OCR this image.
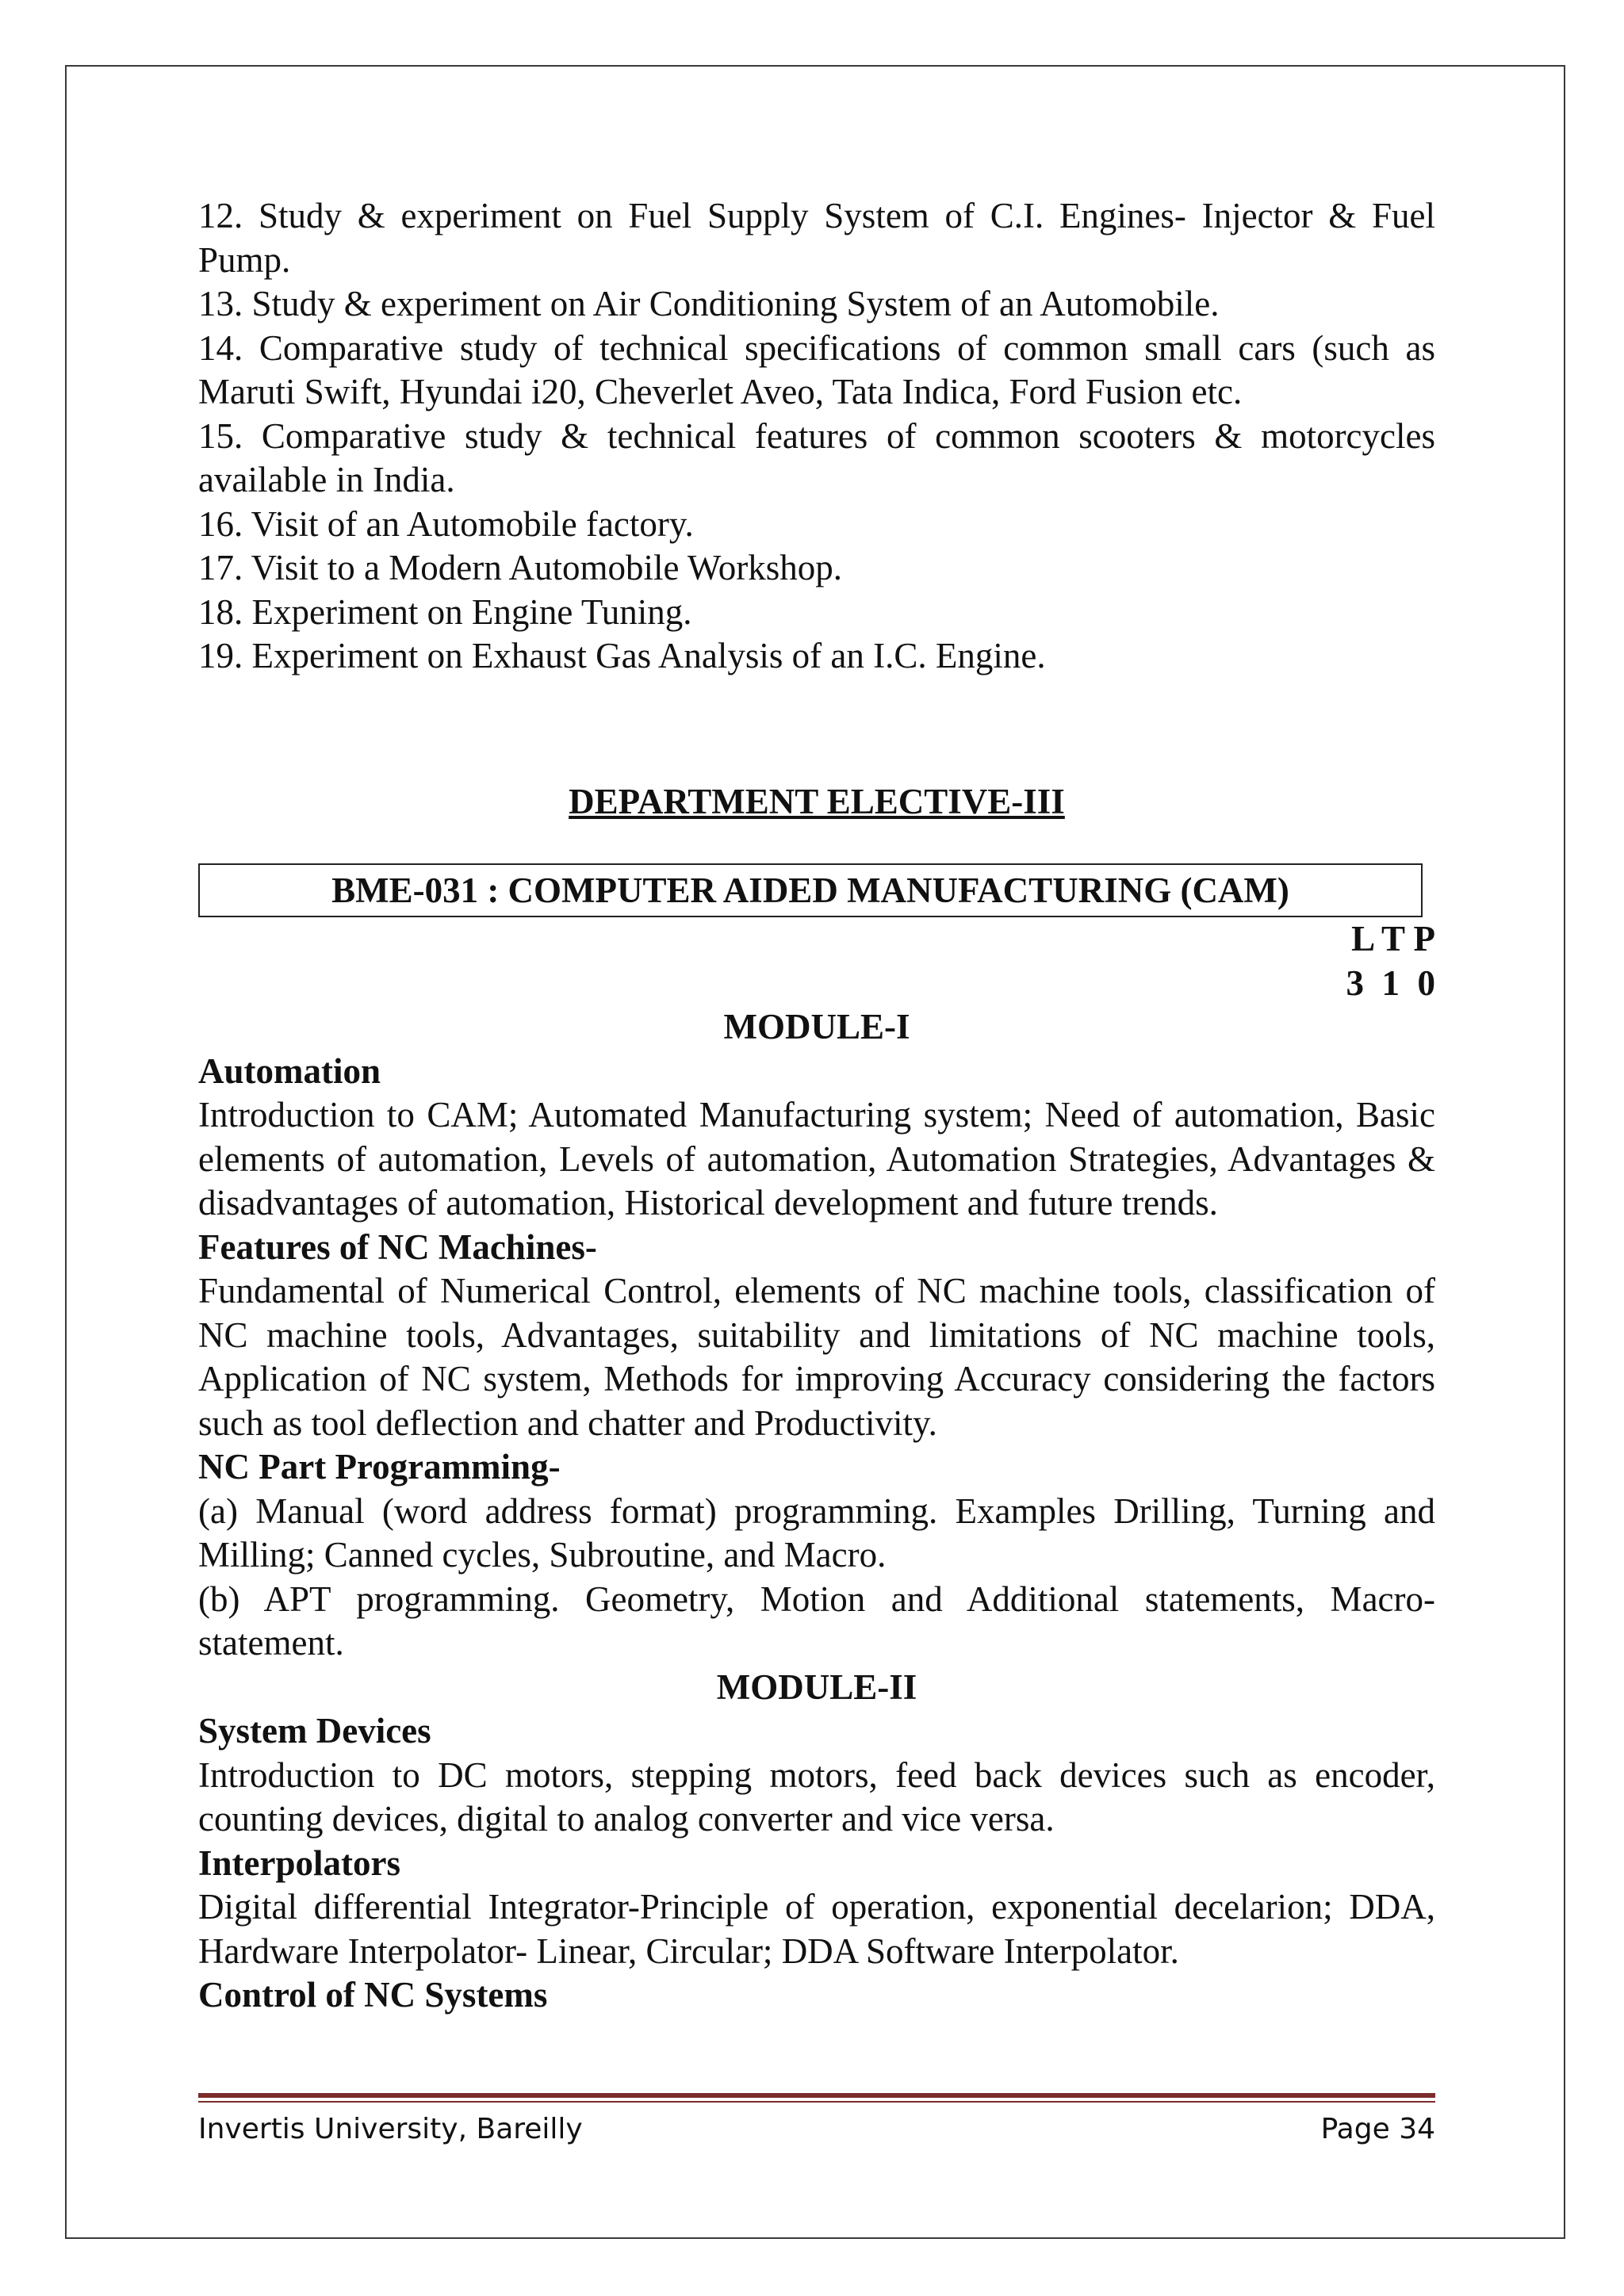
12. Study & experiment on Fuel Supply System of C.I. Engines- Injector & Fuel Pump.

13. Study & experiment on Air Conditioning System of an Automobile.

14. Comparative study of technical specifications of common small cars (such as Maruti Swift, Hyundai i20, Cheverlet Aveo, Tata Indica, Ford Fusion etc.

15. Comparative study & technical features of common scooters & motorcycles available in India.

16. Visit of an Automobile factory.

17. Visit to a Modern Automobile Workshop.

18. Experiment on Engine Tuning.

19. Experiment on Exhaust Gas Analysis of an I.C. Engine.

DEPARTMENT ELECTIVE-III

BME-031 : COMPUTER AIDED MANUFACTURING (CAM)

L T P

3  1  0

MODULE-I

Automation

Introduction to CAM; Automated Manufacturing system; Need of automation, Basic elements of automation, Levels of automation, Automation Strategies, Advantages & disadvantages of automation, Historical development and future trends.

Features of NC Machines-

Fundamental of Numerical Control, elements of NC machine tools, classification of NC machine tools, Advantages, suitability and limitations of NC machine tools, Application of NC system, Methods for improving Accuracy considering the factors such as tool deflection and chatter and Productivity.

NC Part Programming-

(a) Manual (word address format) programming. Examples Drilling, Turning and Milling; Canned cycles, Subroutine, and Macro.

(b) APT programming. Geometry, Motion and Additional statements, Macro-statement.

MODULE-II

System Devices

Introduction to DC motors, stepping motors, feed back devices such as encoder, counting devices, digital to analog converter and vice versa.

Interpolators

Digital differential Integrator-Principle of operation, exponential decelarion; DDA, Hardware Interpolator- Linear, Circular; DDA Software Interpolator.

Control of NC Systems

Invertis University, Bareilly	Page 34
